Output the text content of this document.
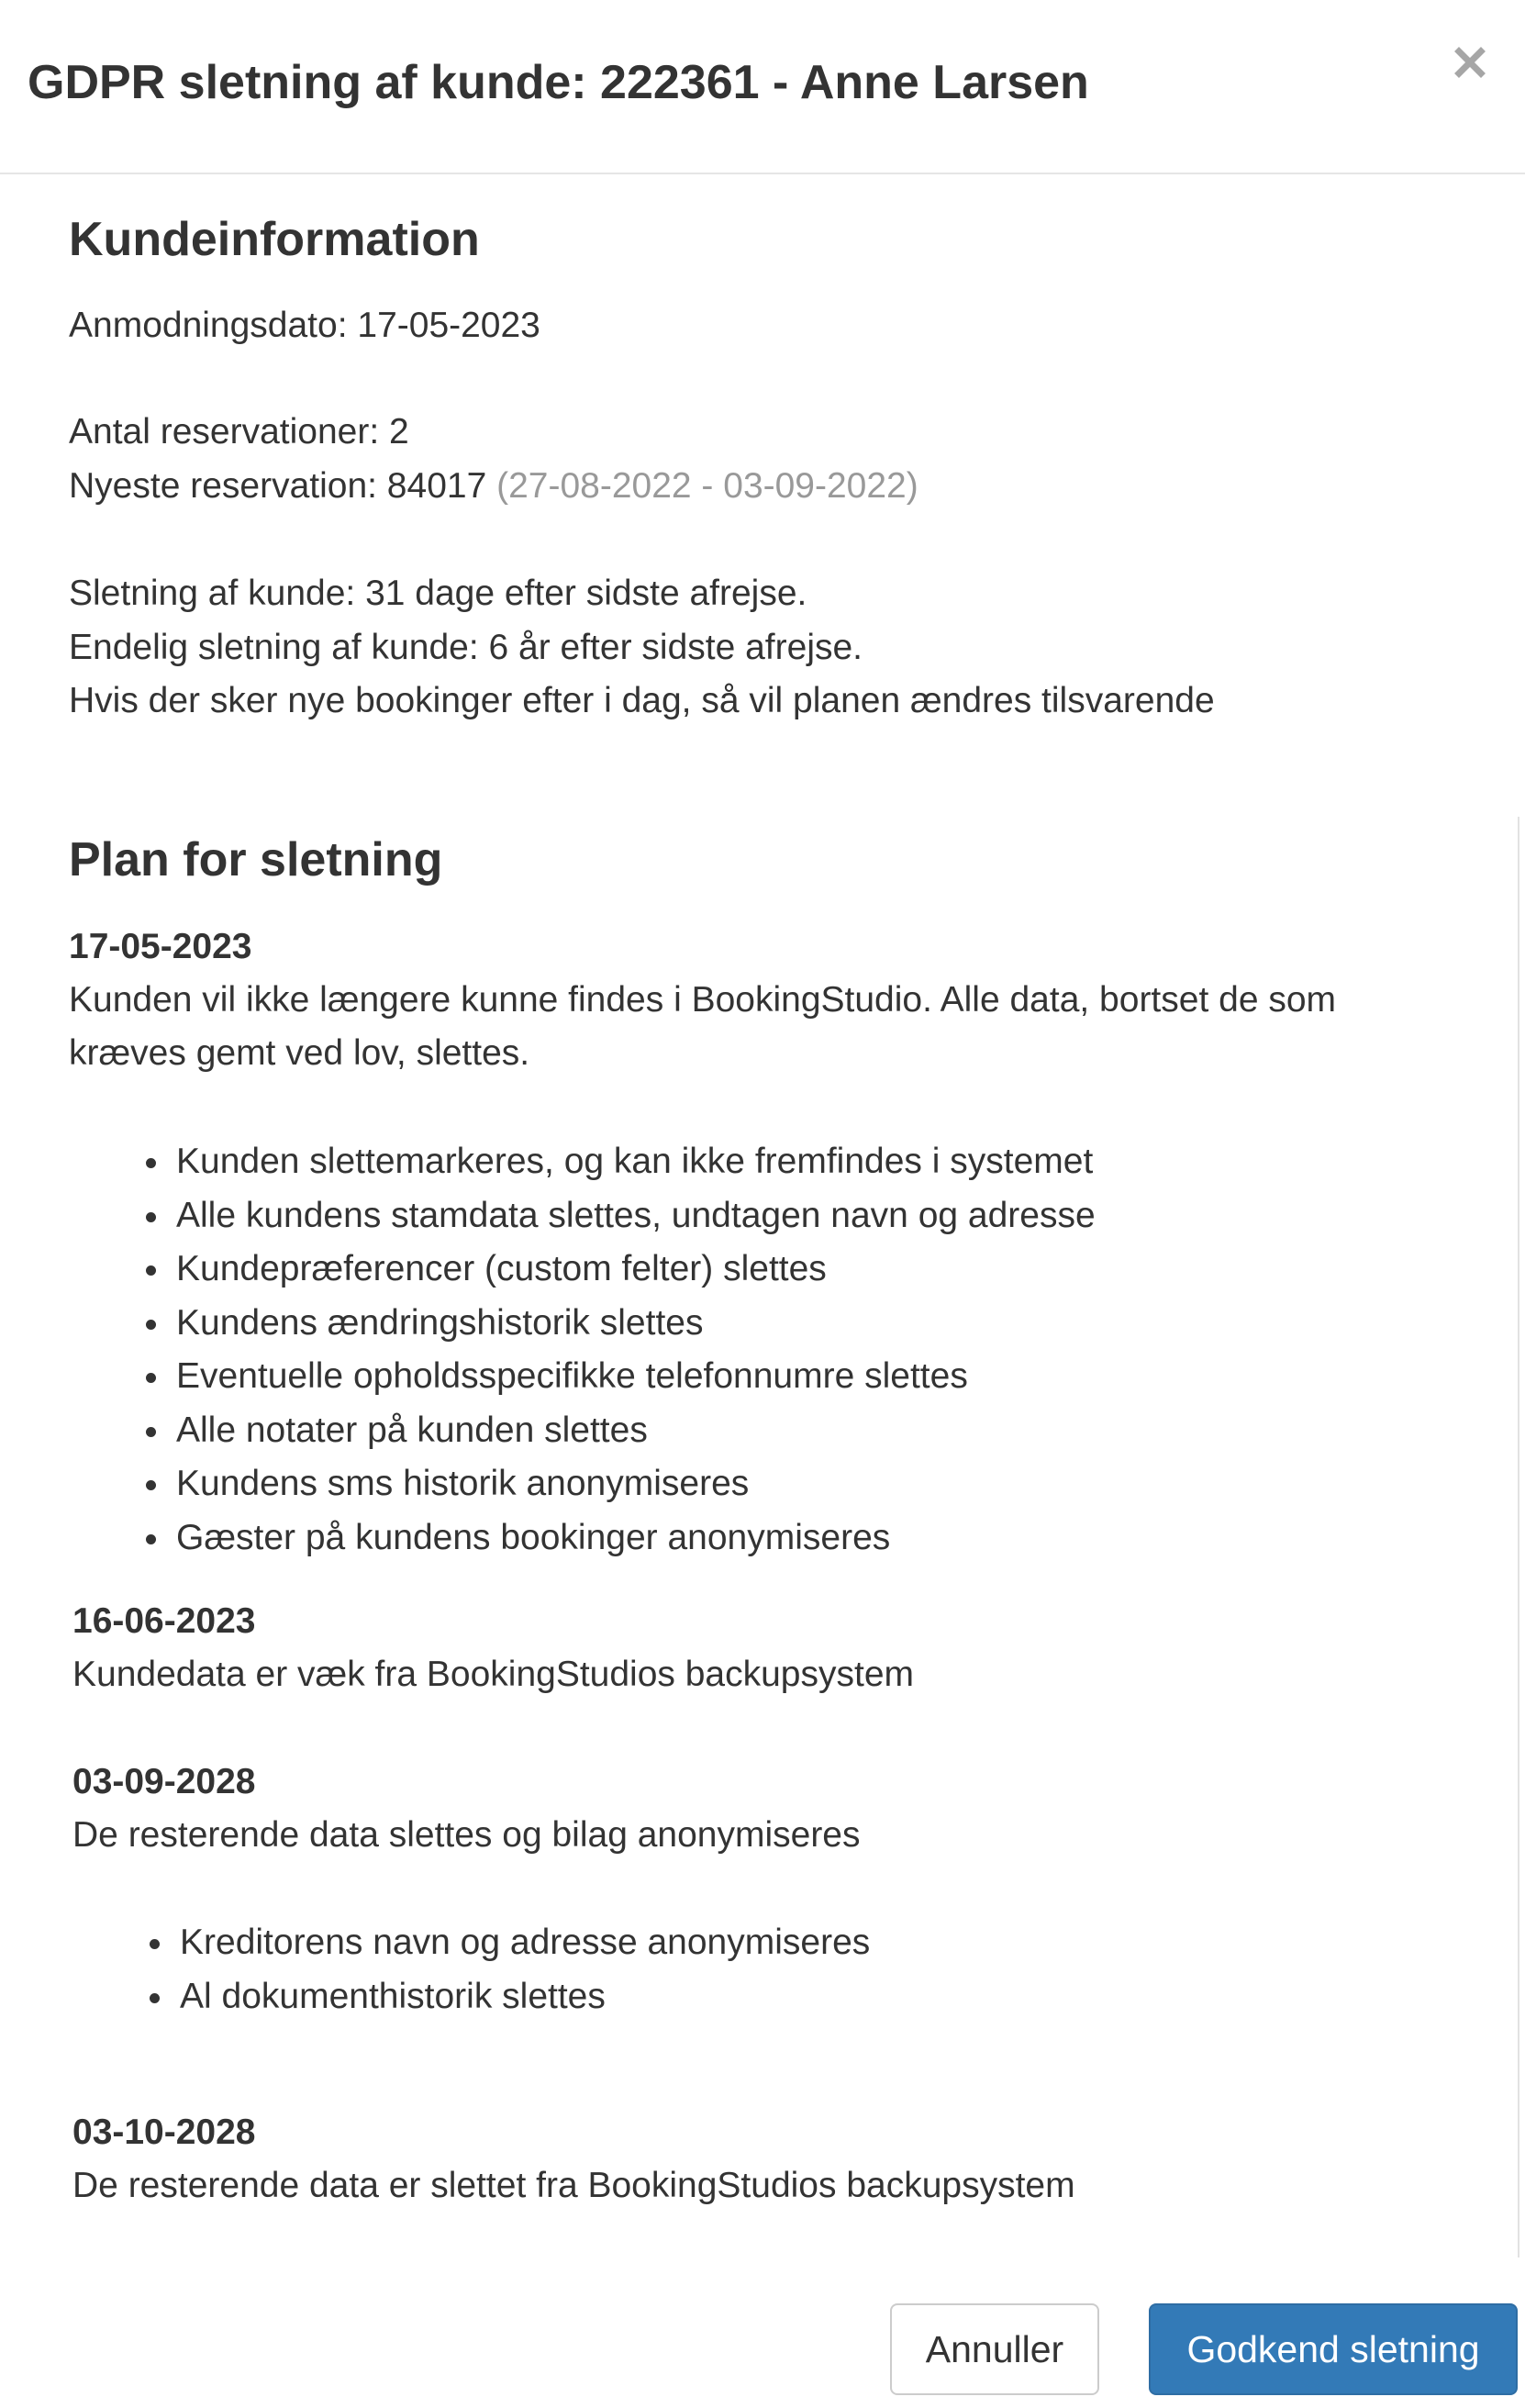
GDPR sletning af kunde: 222361 - Anne Larsen
Kundeinformation
Anmodningsdato: 17-05-2023
Antal reservationer: 2
Nyeste reservation: 84017 (27-08-2022 - 03-09-2022)
Sletning af kunde: 31 dage efter sidste afrejse.
Endelig sletning af kunde: 6 år efter sidste afrejse.
Hvis der sker nye bookinger efter i dag, så vil planen ændres tilsvarende
Plan for sletning
17-05-2023
Kunden vil ikke længere kunne findes i BookingStudio. Alle data, bortset de som
kræves gemt ved lov, slettes.
Kunden slettemarkeres, og kan ikke fremfindes i systemet
Alle kundens stamdata slettes, undtagen navn og adresse
Kundepræferencer (custom felter) slettes
Kundens ændringshistorik slettes
Eventuelle opholdsspecifikke telefonnumre slettes
Alle notater på kunden slettes
Kundens sms historik anonymiseres
Gæster på kundens bookinger anonymiseres
16-06-2023
Kundedata er væk fra BookingStudios backupsystem
03-09-2028
De resterende data slettes og bilag anonymiseres
Kreditorens navn og adresse anonymiseres
Al dokumenthistorik slettes
03-10-2028
De resterende data er slettet fra BookingStudios backupsystem
Annuller	Godkend sletning
